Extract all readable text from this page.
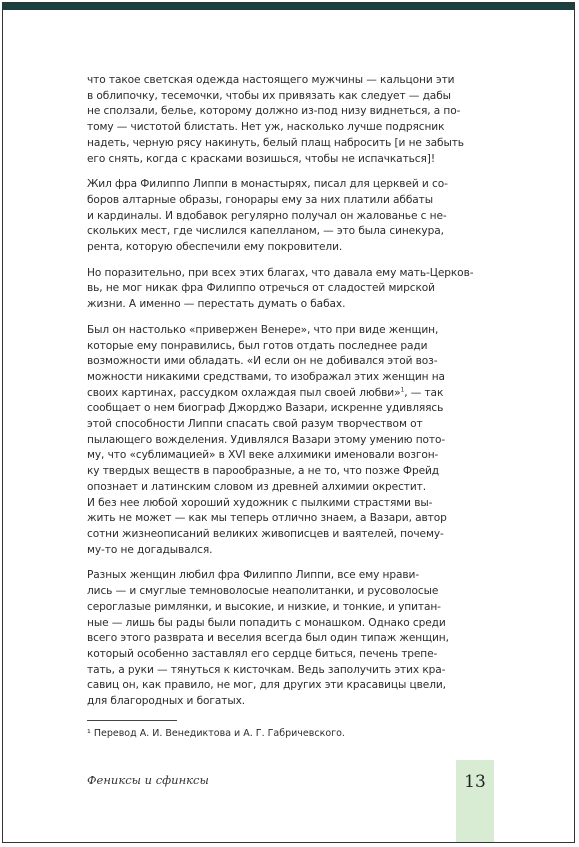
что такое светская одежда настоящего мужчины — кальцони эти
в облипочку, тесемочки, чтобы их привязать как следует — дабы
не сползали, белье, которому должно из-под низу виднеться, а по-
тому — чистотой блистать. Нет уж, насколько лучше подрясник
надеть, черную рясу накинуть, белый плащ набросить [и не забыть
его снять, когда с красками возишься, чтобы не испачкаться]!

Жил фра Филиппо Липпи в монастырях, писал для церквей и со-
боров алтарные образы, гонорары ему за них платили аббаты
и кардиналы. И вдобавок регулярно получал он жалованье с не-
скольких мест, где числился капелланом, — это была синекура,
рента, которую обеспечили ему покровители.

Но поразительно, при всех этих благах, что давала ему мать-Церков-
вь, не мог никак фра Филиппо отречься от сладостей мирской
жизни. А именно — перестать думать о бабах.

Был он настолько «привержен Венере», что при виде женщин,
которые ему понравились, был готов отдать последнее ради
возможности ими обладать. «И если он не добивался этой воз-
можности никакими средствами, то изображал этих женщин на
своих картинах, рассудком охлаждая пыл своей любви»$^1$, — так
сообщает о нем биограф Джорджо Вазари, искренне удивляясь
этой способности Липпи спасать свой разум творчеством от
пылающего вожделения. Удивлялся Вазари этому умению пото-
му, что «сублимацией» в XVI веке алхимики именовали возгон-
ку твердых веществ в парообразные, а не то, что позже Фрейд
опознает и латинским словом из древней алхимии окрестит.
И без нее любой хороший художник с пылкими страстями вы-
жить не может — как мы теперь отлично знаем, а Вазари, автор
сотни жизнеописаний великих живописцев и ваятелей, почему-
му-то не догадывался.

Разных женщин любил фра Филиппо Липпи, все ему нрави-
лись — и смуглые темноволосые неаполитанки, и русоволосые
сероглазые римлянки, и высокие, и низкие, и тонкие, и упитан-
ные — лишь бы рады были попадить с монашком. Однако среди
всего этого разврата и веселия всегда был один типаж женщин,
который особенно заставлял его сердце биться, печень трепе-
тать, а руки — тянуться к кисточкам. Ведь заполучить этих кра-
савиц он, как правило, не мог, для других эти красавицы цвели,
для благородных и богатых.

¹ Перевод А. И. Венедиктова и А. Г. Габричевского.
Фениксы и сфинксы	13
